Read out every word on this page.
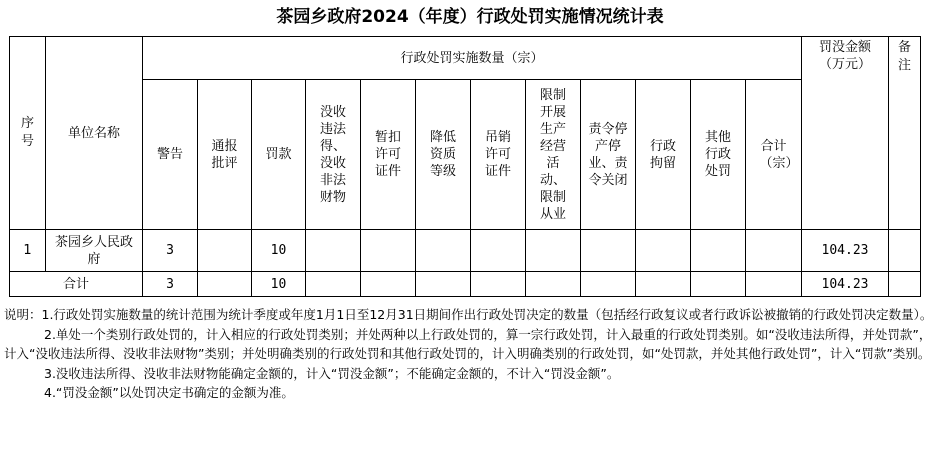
茶园乡政府2024（年度）行政处罚实施情况统计表
序号	单位名称	行政处罚实施数量（宗）												罚没金额（万元）	备注

		警告	通报批评	罚款	没收违法得、没收非法财物	暂扣许可证件	降低资质等级	吊销许可证件	限制开展生产经营活动、限制从业	责令停产停业、责令关闭	行政拘留	其他行政处罚	合计（宗）		
1	茶园乡人民政府	3		10										104.23	
合计		3		10										104.23	

说明：1.行政处罚实施数量的统计范围为统计季度或年度1月1日至12月31日期间作出行政处罚决定的数量（包括经行政复议或者行政诉讼被撤销的行政处罚决定数量）。

2.单处一个类别行政处罚的，计入相应的行政处罚类别；并处两种以上行政处罚的，算一宗行政处罚，计入最重的行政处罚类别。如“没收违法所得，并处罚款”，计入“没收违法所得、没收非法财物”类别；并处明确类别的行政处罚和其他行政处罚的，计入明确类别的行政处罚，如“处罚款，并处其他行政处罚”，计入“罚款”类别。

3.没收违法所得、没收非法财物能确定金额的，计入“罚没金额”；不能确定金额的，不计入“罚没金额”。

4.“罚没金额”以处罚决定书确定的金额为准。
